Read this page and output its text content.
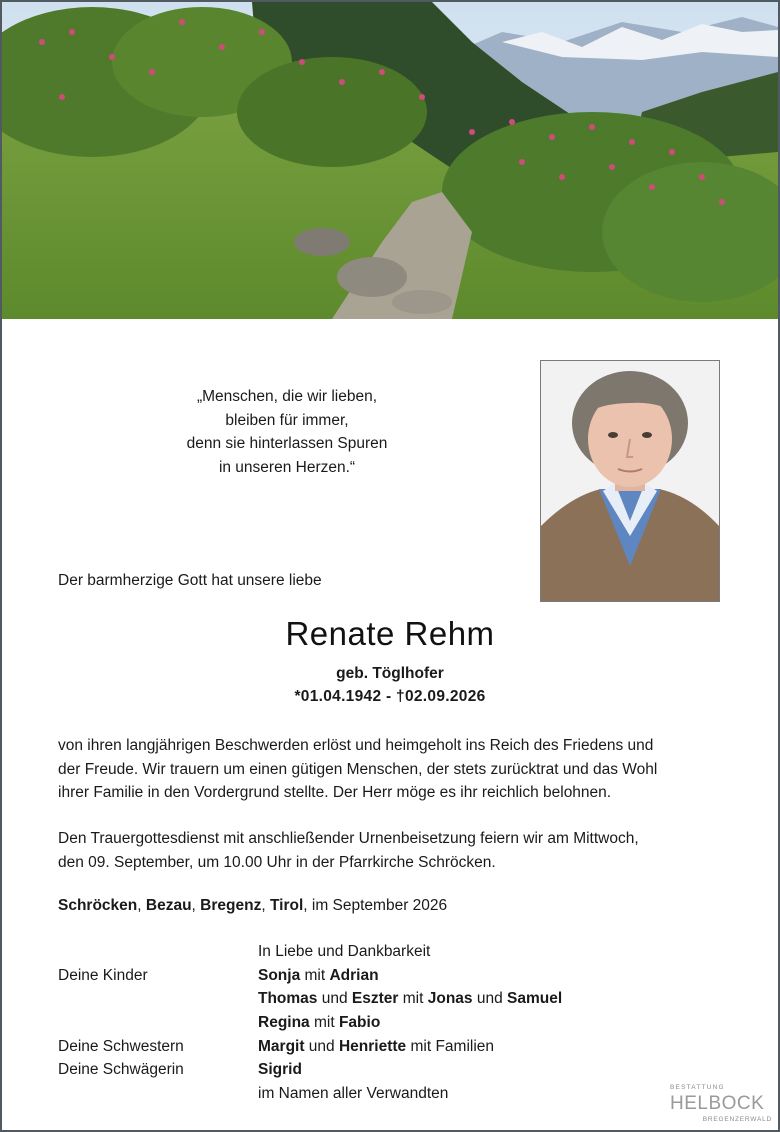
„Menschen, die wir lieben,
bleiben für immer,
denn sie hinterlassen Spuren
in unseren Herzen.“
Der barmherzige Gott hat unsere liebe
Renate Rehm
geb. Töglhofer
*01.04.1942 - †02.09.2026
von ihren langjährigen Beschwerden erlöst und heimgeholt ins Reich des Friedens und
der Freude. Wir trauern um einen gütigen Menschen, der stets zurücktrat und das Wohl
ihrer Familie in den Vordergrund stellte. Der Herr möge es ihr reichlich belohnen.
Den Trauergottesdienst mit anschließender Urnenbeisetzung feiern wir am Mittwoch,
den 09. September, um 10.00 Uhr in der Pfarrkirche Schröcken.
Schröcken, Bezau, Bregenz, Tirol, im September 2026
In Liebe und Dankbarkeit
Deine Kinder	Sonja mit Adrian
Thomas und Eszter mit Jonas und Samuel
Regina mit Fabio
Deine Schwestern	Margit und Henriette mit Familien
Deine Schwägerin	Sigrid
im Namen aller Verwandten	BESTATTUNG
HELBOCK
BREGENZERWALD
